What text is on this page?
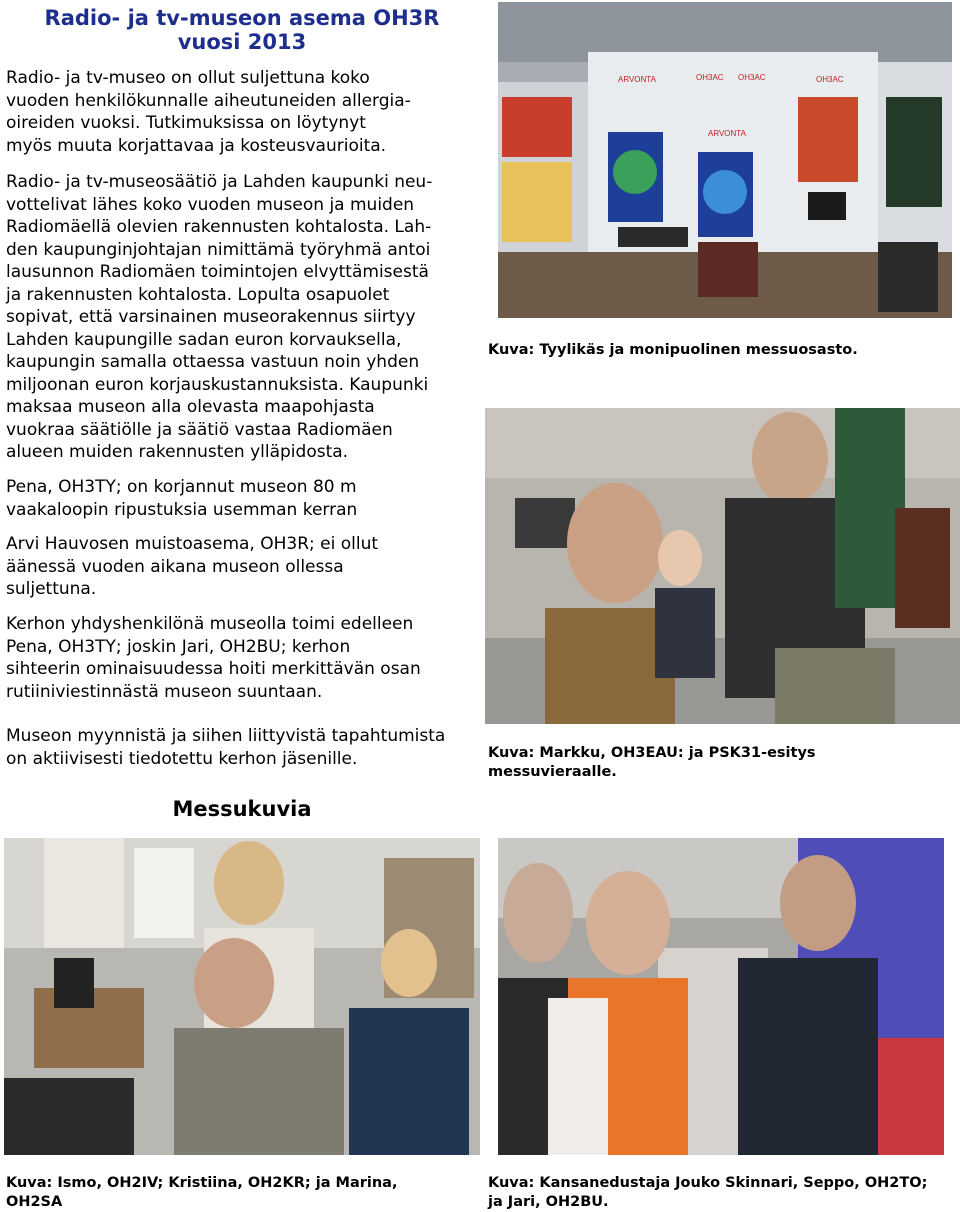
Radio- ja tv-museon asema OH3R
vuosi 2013
Radio- ja tv-museo on ollut suljettuna koko
vuoden henkilökunnalle aiheutuneiden allergia-
oireiden vuoksi. Tutkimuksissa on löytynyt
myös muuta korjattavaa ja kosteusvaurioita.
Radio- ja tv-museosäätiö ja Lahden kaupunki neu-
vottelivat lähes koko vuoden museon ja muiden
Radiomäellä olevien rakennusten kohtalosta. Lah-
den kaupunginjohtajan nimittämä työryhmä antoi
lausunnon Radiomäen toimintojen elvyttämisestä
ja rakennusten kohtalosta. Lopulta osapuolet
sopivat, että varsinainen museorakennus siirtyy
Lahden kaupungille sadan euron korvauksella,
kaupungin samalla ottaessa vastuun noin yhden
miljoonan euron korjauskustannuksista. Kaupunki
maksaa museon alla olevasta maapohjasta
vuokraa säätiölle ja säätiö vastaa Radiomäen
alueen muiden rakennusten ylläpidosta.
Pena, OH3TY; on korjannut museon 80 m
vaakaloopin ripustuksia usemman kerran
Arvi Hauvosen muistoasema, OH3R; ei ollut
äänessä vuoden aikana museon ollessa
suljettuna.
Kerhon yhdyshenkilönä museolla toimi edelleen
Pena, OH3TY; joskin Jari, OH2BU; kerhon
sihteerin ominaisuudessa hoiti merkittävän osan
rutiiniviestinnästä museon suuntaan.
Museon myynnistä ja siihen liittyvistä tapahtumista
on aktiivisesti tiedotettu kerhon jäsenille.
Messukuvia
ARVONTA	OH3AC OH3AC	OH3AC
ARVONTA
Kuva: Tyylikäs ja monipuolinen messuosasto.
Kuva: Markku, OH3EAU: ja PSK31-esitys
messuvieraalle.
Kuva: Ismo, OH2IV; Kristiina, OH2KR; ja Marina,
OH2SA
Kuva: Kansanedustaja Jouko Skinnari, Seppo, OH2TO;
ja Jari, OH2BU.
